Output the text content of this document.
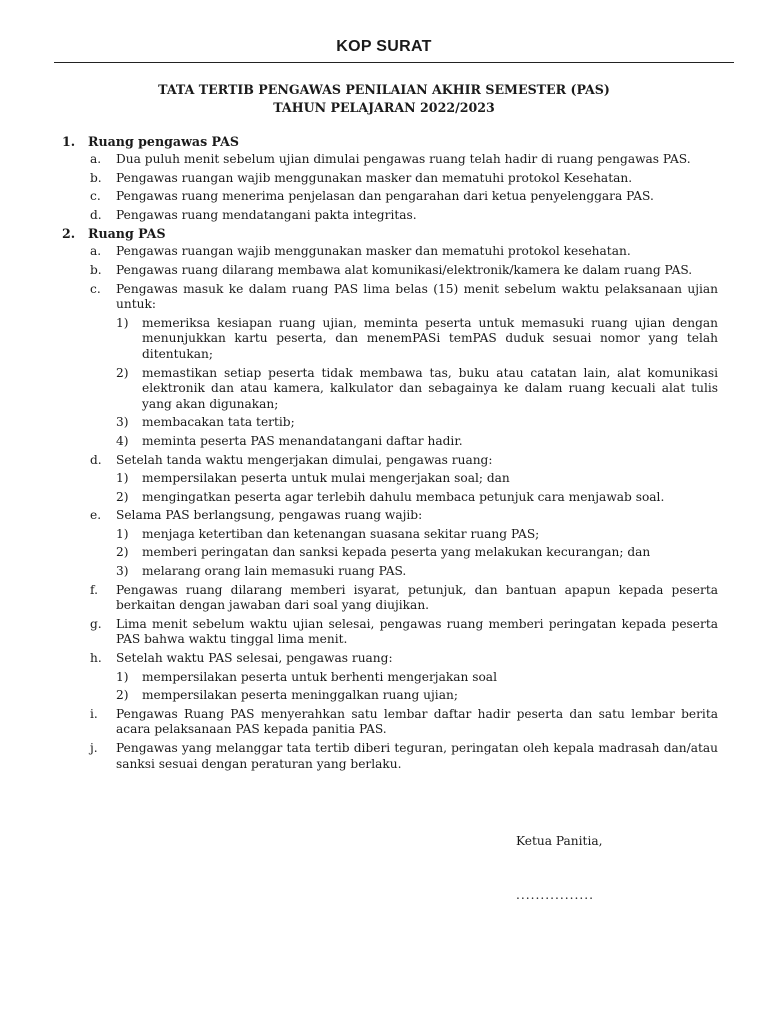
KOP SURAT
TATA TERTIB PENGAWAS PENILAIAN AKHIR SEMESTER (PAS)
TAHUN PELAJARAN 2022/2023
1. Ruang pengawas PAS
a. Dua puluh menit sebelum ujian dimulai pengawas ruang telah hadir di ruang pengawas PAS.
b. Pengawas ruangan wajib menggunakan masker dan mematuhi protokol Kesehatan.
c. Pengawas ruang menerima penjelasan dan pengarahan dari ketua penyelenggara PAS.
d. Pengawas ruang mendatangani pakta integritas.
2. Ruang PAS
a. Pengawas ruangan wajib menggunakan masker dan mematuhi protokol kesehatan.
b. Pengawas ruang dilarang membawa alat komunikasi/elektronik/kamera ke dalam ruang PAS.
c. Pengawas masuk ke dalam ruang PAS lima belas (15) menit sebelum waktu pelaksanaan ujian untuk:
1) memeriksa kesiapan ruang ujian, meminta peserta untuk memasuki ruang ujian dengan menunjukkan kartu peserta, dan menemPASi temPAS duduk sesuai nomor yang telah ditentukan;
2) memastikan setiap peserta tidak membawa tas, buku atau catatan lain, alat komunikasi elektronik dan atau kamera, kalkulator dan sebagainya ke dalam ruang kecuali alat tulis yang akan digunakan;
3) membacakan tata tertib;
4) meminta peserta PAS menandatangani daftar hadir.
d. Setelah tanda waktu mengerjakan dimulai, pengawas ruang:
1) mempersilakan peserta untuk mulai mengerjakan soal; dan
2) mengingatkan peserta agar terlebih dahulu membaca petunjuk cara menjawab soal.
e. Selama PAS berlangsung, pengawas ruang wajib:
1) menjaga ketertiban dan ketenangan suasana sekitar ruang PAS;
2) memberi peringatan dan sanksi kepada peserta yang melakukan kecurangan; dan
3) melarang orang lain memasuki ruang PAS.
f. Pengawas ruang dilarang memberi isyarat, petunjuk, dan bantuan apapun kepada peserta berkaitan dengan jawaban dari soal yang diujikan.
g. Lima menit sebelum waktu ujian selesai, pengawas ruang memberi peringatan kepada peserta PAS bahwa waktu tinggal lima menit.
h. Setelah waktu PAS selesai, pengawas ruang:
1) mempersilakan peserta untuk berhenti mengerjakan soal
2) mempersilakan peserta meninggalkan ruang ujian;
i. Pengawas Ruang PAS menyerahkan satu lembar daftar hadir peserta dan satu lembar berita acara pelaksanaan PAS kepada panitia PAS.
j. Pengawas yang melanggar tata tertib diberi teguran, peringatan oleh kepala madrasah dan/atau sanksi sesuai dengan peraturan yang berlaku.
Ketua Panitia,
................
